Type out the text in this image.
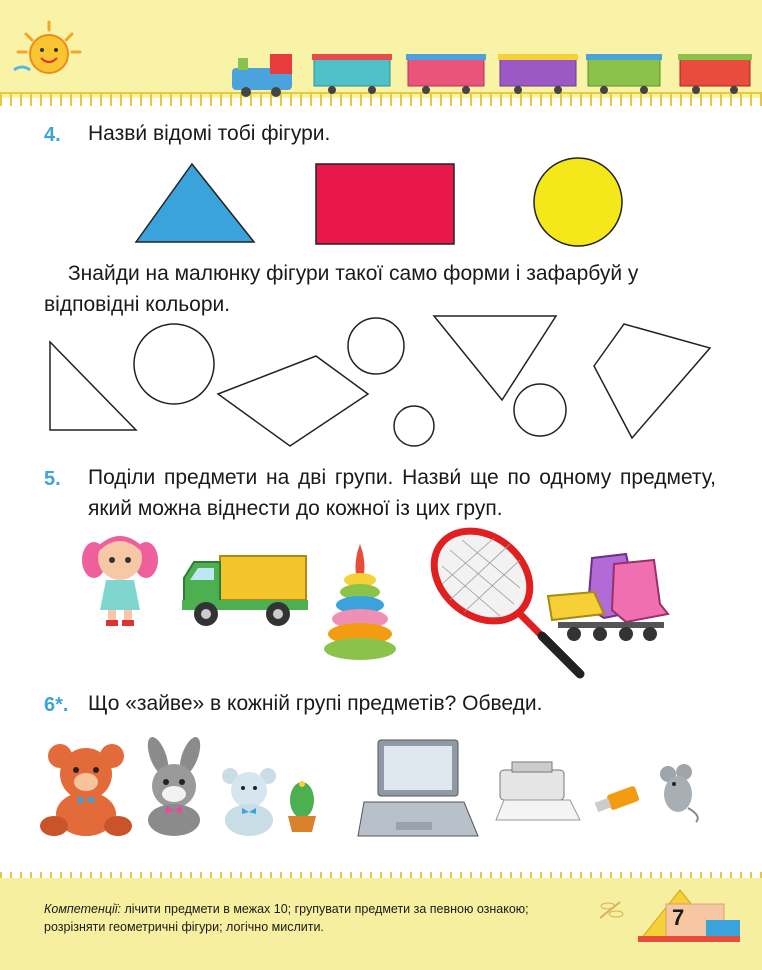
4. Назви́ відомі тобі фігури.
Знайди на малюнку фігури такої само форми і зафарбуй у відповідні кольори.
5. Поділи предмети на дві групи. Назви́ ще по одному предмету, який можна віднести до кожної із цих груп.
6*. Що «зайве» в кожній групі предметів? Обведи.
Компетенції: лічити предмети в межах 10; групувати предмети за певною ознакою; розрізняти геометричні фігури; логічно мислити.	7
